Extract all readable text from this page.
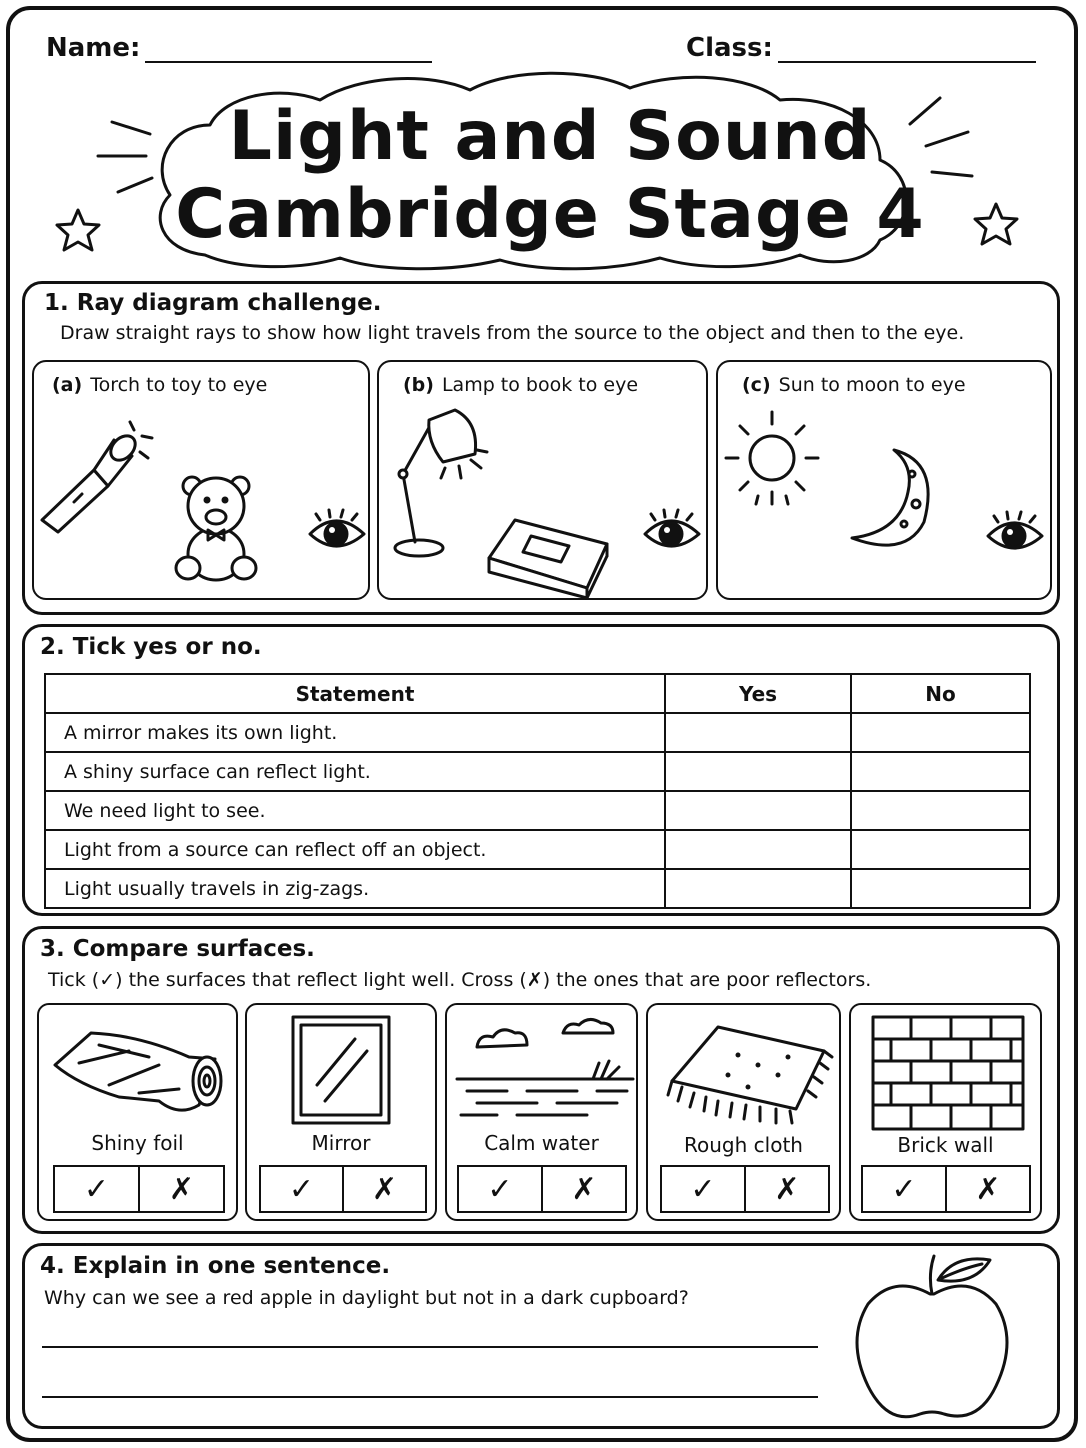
Name:	Class:
Light and Sound
Cambridge Stage 4
1. Ray diagram challenge.
Draw straight rays to show how light travels from the source to the object and then to the eye.
(a) Torch to toy to eye	(b) Lamp to book to eye	(c) Sun to moon to eye
2. Tick yes or no.
Statement	Yes	No
A mirror makes its own light.		
A shiny surface can reflect light.		
We need light to see.		
Light from a source can reflect off an object.		
Light usually travels in zig-zags.		
3. Compare surfaces.
Tick (✓) the surfaces that reflect light well. Cross (✗) the ones that are poor reflectors.
Shiny foil
✓	✗
Mirror
✓	✗
Calm water
✓	✗
Rough cloth
✓	✗
Brick wall
✓	✗
4. Explain in one sentence.
Why can we see a red apple in daylight but not in a dark cupboard?
